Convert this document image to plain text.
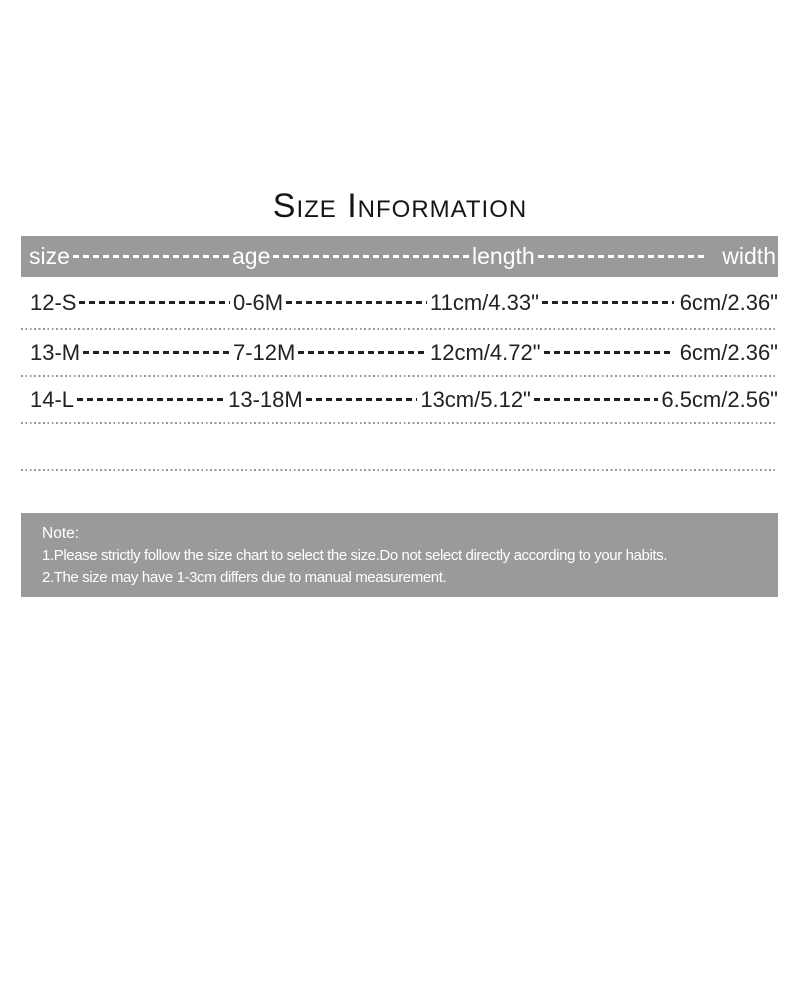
Size Information
size	age	length	width
12-S	0-6M	11cm/4.33"	6cm/2.36"
13-M	7-12M	12cm/4.72"	6cm/2.36"
14-L	13-18M	13cm/5.12"	6.5cm/2.56"
Note:
1.Please strictly follow the size chart to select the size.Do not select directly according to your habits.
2.The size may have 1-3cm differs due to manual measurement.
